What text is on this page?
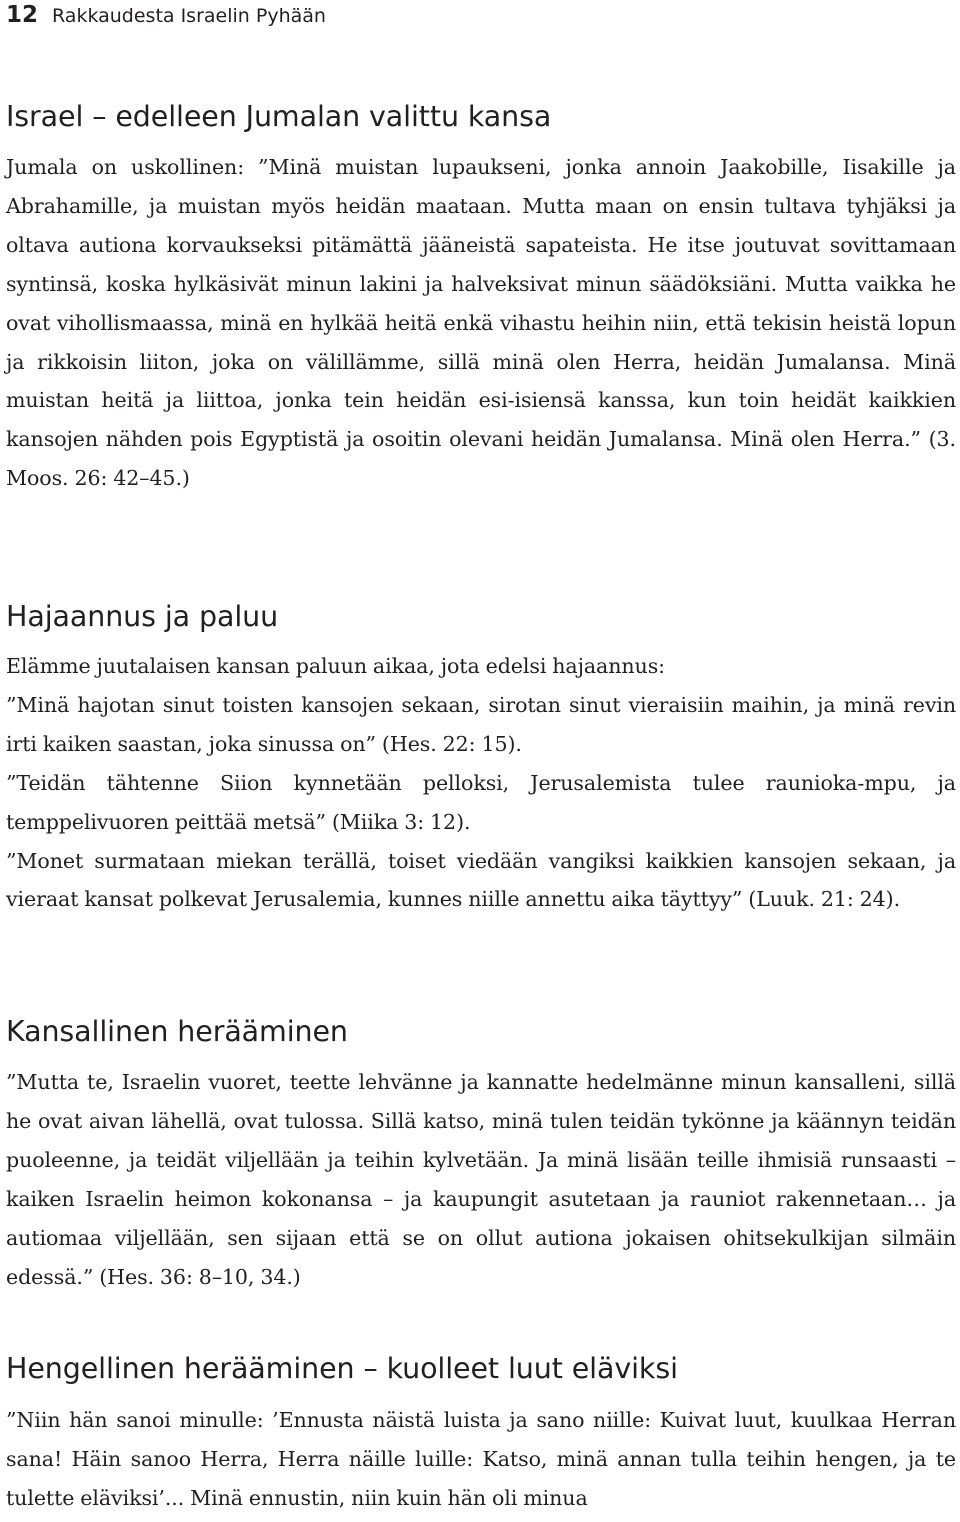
12 Rakkaudesta Israelin Pyhään
Israel – edelleen Jumalan valittu kansa

Jumala on uskollinen: ”Minä muistan lupaukseni, jonka annoin Jaakobille, Iisakille ja Abrahamille, ja muistan myös heidän maataan. Mutta maan on ensin tultava tyhjäksi ja oltava autiona korvaukseksi pitämättä jääneistä sapateista. He itse joutuvat sovittamaan syntinsä, koska hylkäsivät minun lakini ja halveksivat minun säädöksiäni. Mutta vaikka he ovat vihollismaassa, minä en hylkää heitä enkä vihastu heihin niin, että tekisin heistä lopun ja rikkoisin liiton, joka on välillämme, sillä minä olen Herra, heidän Jumalansa. Minä muistan heitä ja liittoa, jonka tein heidän esi-isiensä kanssa, kun toin heidät kaikkien kansojen nähden pois Egyptistä ja osoitin olevani heidän Jumalansa. Minä olen Herra.” (3. Moos. 26: 42–45.)

Hajaannus ja paluu

Elämme juutalaisen kansan paluun aikaa, jota edelsi hajaannus:

”Minä hajotan sinut toisten kansojen sekaan, sirotan sinut vieraisiin maihin, ja minä revin irti kaiken saastan, joka sinussa on” (Hes. 22: 15).

”Teidän tähtenne Siion kynnetään pelloksi, Jerusalemista tulee raunioka-mpu, ja temppelivuoren peittää metsä” (Miika 3: 12).

”Monet surmataan miekan terällä, toiset viedään vangiksi kaikkien kansojen sekaan, ja vieraat kansat polkevat Jerusalemia, kunnes niille annettu aika täyttyy” (Luuk. 21: 24).

Kansallinen herääminen

”Mutta te, Israelin vuoret, teette lehvänne ja kannatte hedelmänne minun kansalleni, sillä he ovat aivan lähellä, ovat tulossa. Sillä katso, minä tulen teidän tykönne ja käännyn teidän puoleenne, ja teidät viljellään ja teihin kylvetään. Ja minä lisään teille ihmisiä runsaasti – kaiken Israelin heimon kokonansa – ja kaupungit asutetaan ja rauniot rakennetaan… ja autiomaa viljellään, sen sijaan että se on ollut autiona jokaisen ohitsekulkijan silmäin edessä.” (Hes. 36: 8–10, 34.)

Hengellinen herääminen – kuolleet luut eläviksi

”Niin hän sanoi minulle: ’Ennusta näistä luista ja sano niille: Kuivat luut, kuulkaa Herran sana! Häin sanoo Herra, Herra näille luille: Katso, minä annan tulla teihin hengen, ja te tulette eläviksi’... Minä ennustin, niin kuin hän oli minua
